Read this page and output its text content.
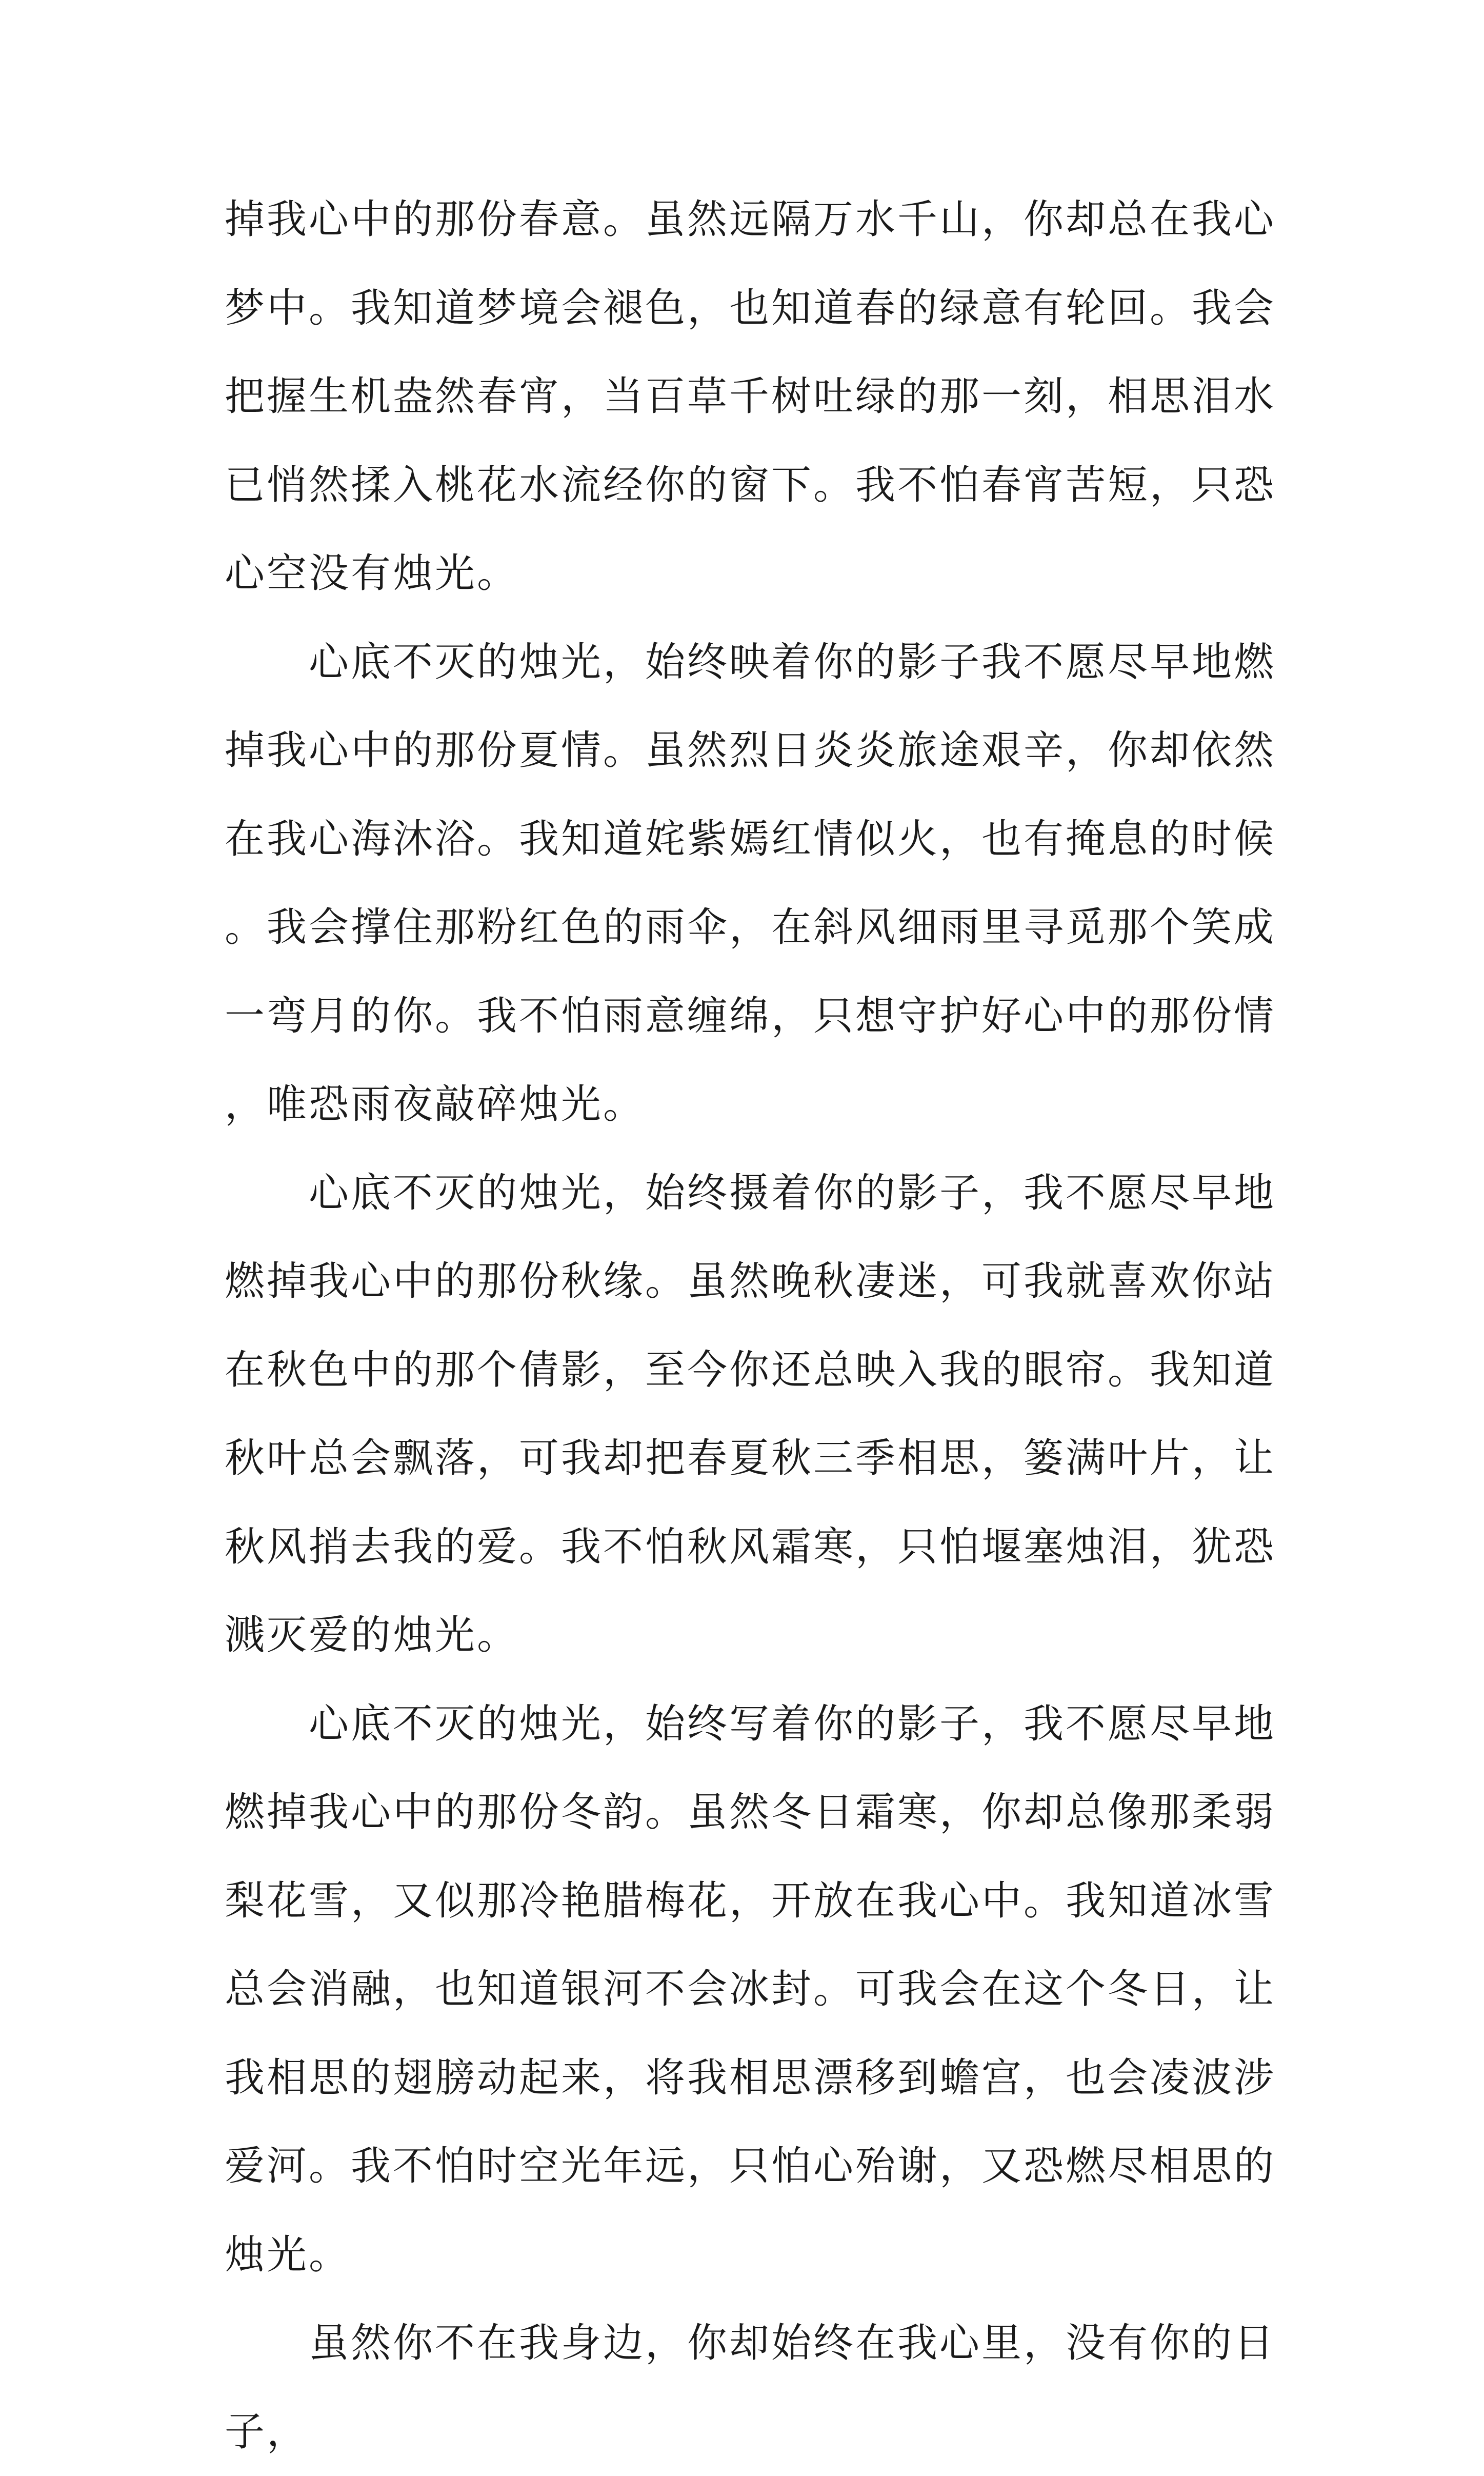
掉我心中的那份春意。虽然远隔万水千山，你却总在我心梦中。我知道梦境会褪色，也知道春的绿意有轮回。我会把握生机盎然春宵，当百草千树吐绿的那一刻，相思泪水已悄然揉入桃花水流经你的窗下。我不怕春宵苦短，只恐心空没有烛光。

心底不灭的烛光，始终映着你的影子我不愿尽早地燃掉我心中的那份夏情。虽然烈日炎炎旅途艰辛，你却依然在我心海沐浴。我知道姹紫嫣红情似火，也有掩息的时候。我会撑住那粉红色的雨伞，在斜风细雨里寻觅那个笑成一弯月的你。我不怕雨意缠绵，只想守护好心中的那份情，唯恐雨夜敲碎烛光。

心底不灭的烛光，始终摄着你的影子，我不愿尽早地燃掉我心中的那份秋缘。虽然晚秋凄迷，可我就喜欢你站在秋色中的那个倩影，至今你还总映入我的眼帘。我知道秋叶总会飘落，可我却把春夏秋三季相思，篓满叶片，让秋风捎去我的爱。我不怕秋风霜寒，只怕堰塞烛泪，犹恐溅灭爱的烛光。

心底不灭的烛光，始终写着你的影子，我不愿尽早地燃掉我心中的那份冬韵。虽然冬日霜寒，你却总像那柔弱梨花雪，又似那冷艳腊梅花，开放在我心中。我知道冰雪总会消融，也知道银河不会冰封。可我会在这个冬日，让我相思的翅膀动起来，将我相思漂移到蟾宫，也会凌波涉爱河。我不怕时空光年远，只怕心殆谢，又恐燃尽相思的烛光。

虽然你不在我身边，你却始终在我心里，没有你的日子，
